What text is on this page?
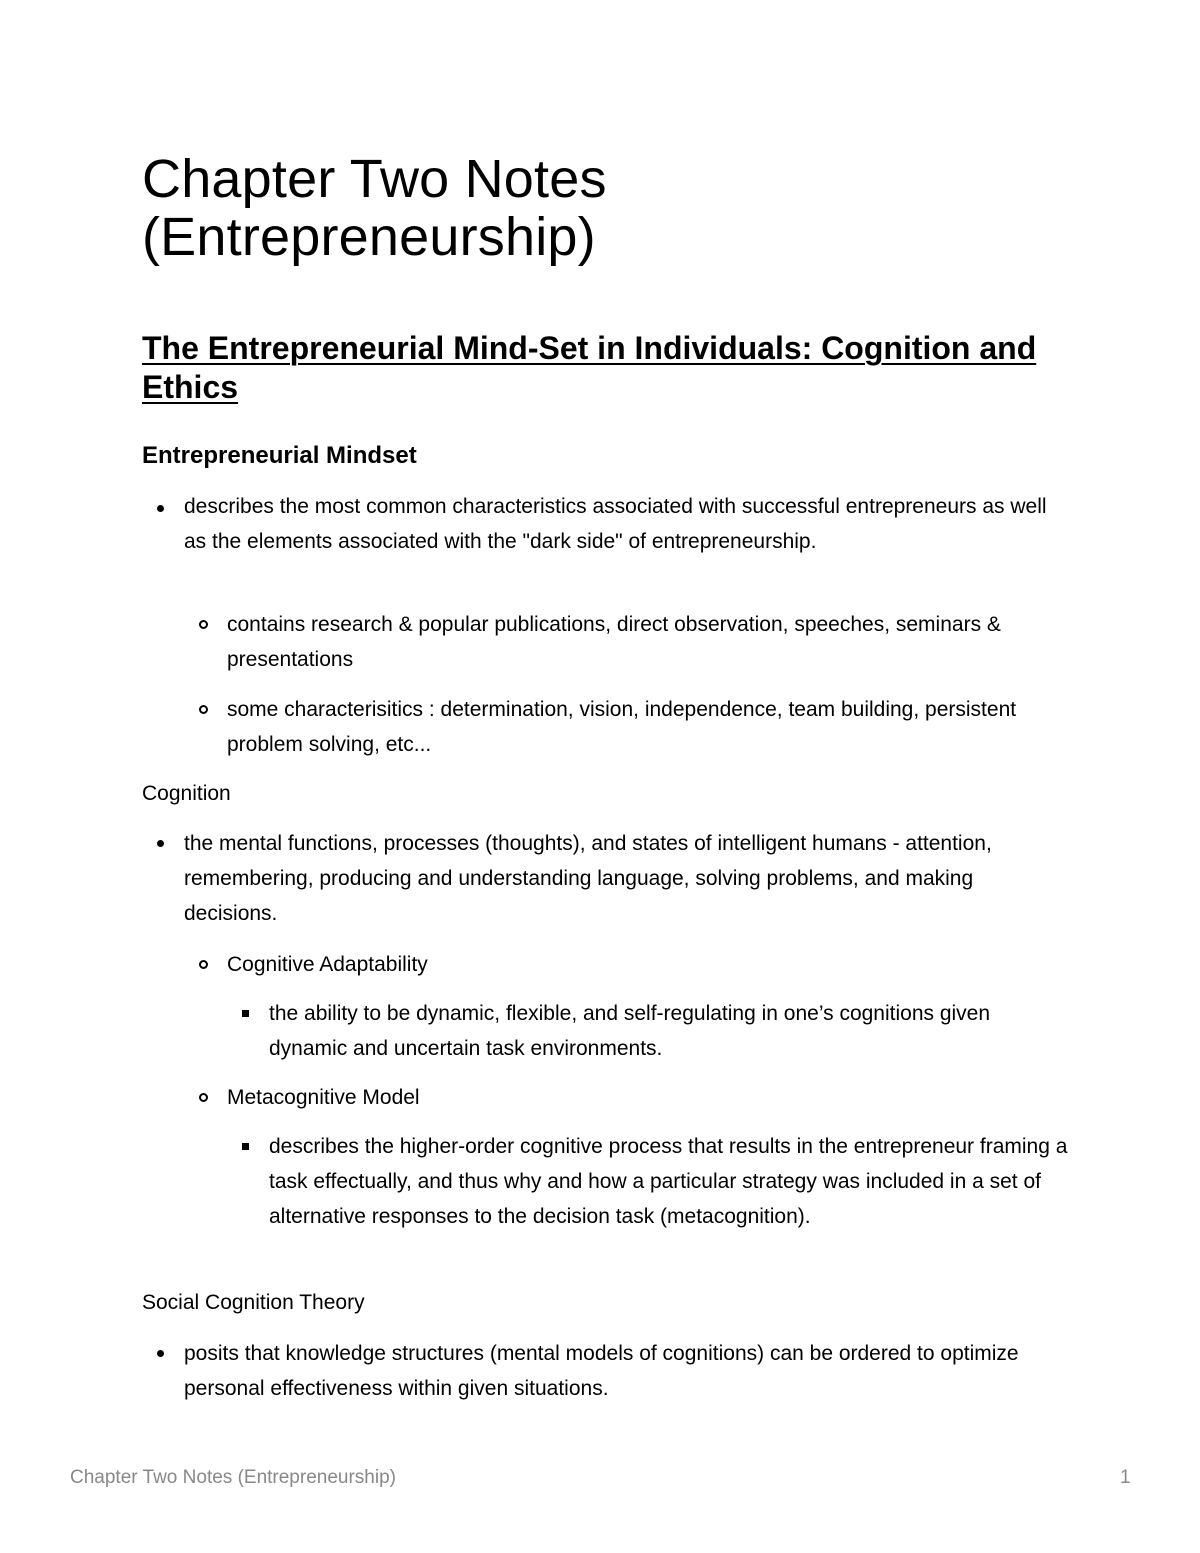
Chapter Two Notes (Entrepreneurship)
The Entrepreneurial Mind-Set in Individuals: Cognition and Ethics
Entrepreneurial Mindset
describes the most common characteristics associated with successful entrepreneurs as well as the elements associated with the "dark side" of entrepreneurship.
contains research & popular publications, direct observation, speeches, seminars & presentations
some characterisitics : determination, vision, independence, team building, persistent problem solving, etc...
Cognition
the mental functions, processes (thoughts), and states of intelligent humans - attention, remembering, producing and understanding language, solving problems, and making decisions.
Cognitive Adaptability
the ability to be dynamic, flexible, and self-regulating in one’s cognitions given dynamic and uncertain task environments.
Metacognitive Model
describes the higher-order cognitive process that results in the entrepreneur framing a task effectually, and thus why and how a particular strategy was included in a set of alternative responses to the decision task (metacognition).
Social Cognition Theory
posits that knowledge structures (mental models of cognitions) can be ordered to optimize personal effectiveness within given situations.
Chapter Two Notes (Entrepreneurship)	1
